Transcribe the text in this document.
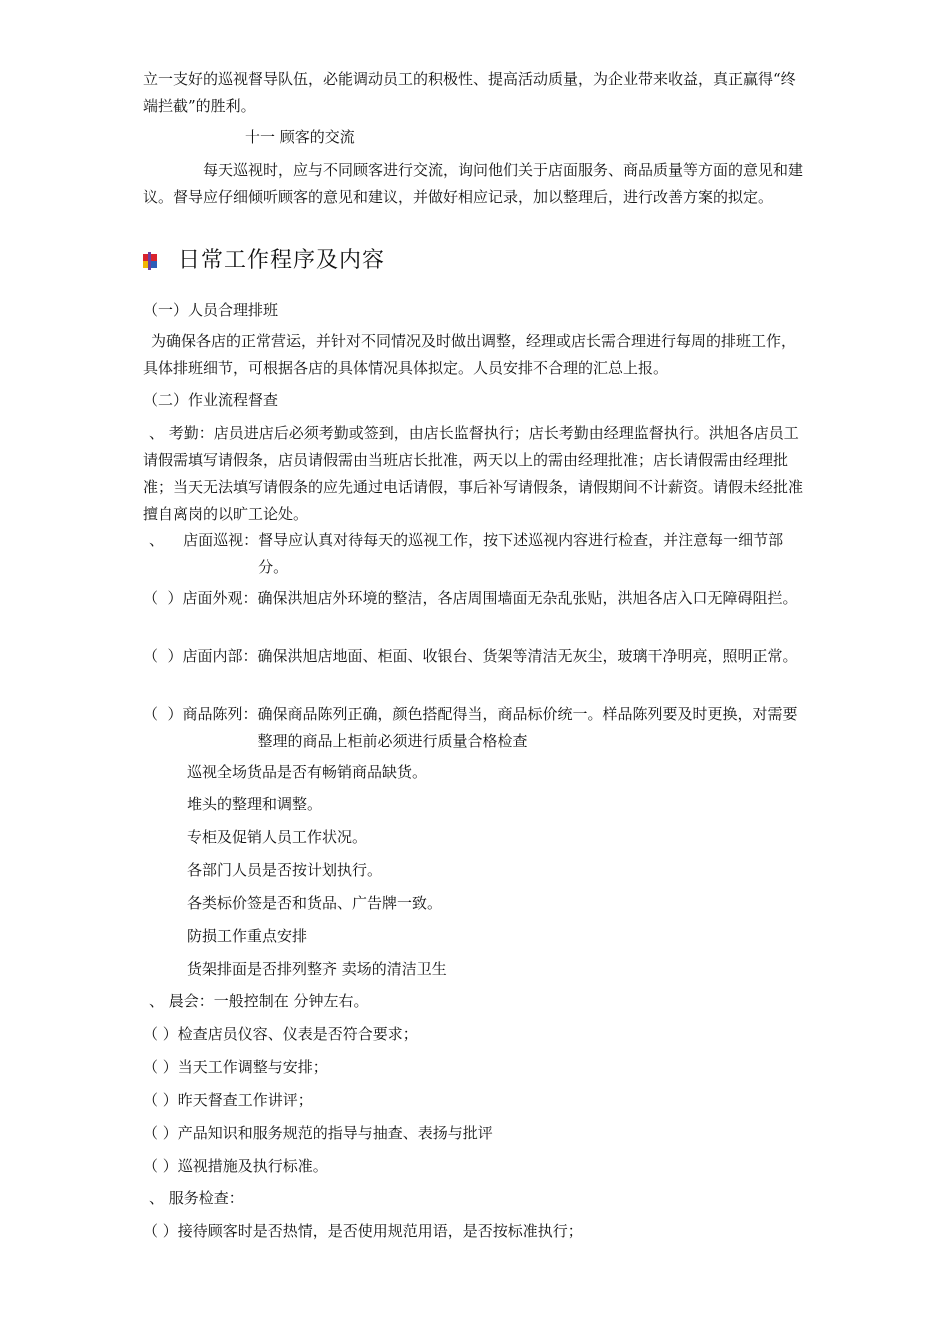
立一支好的巡视督导队伍，必能调动员工的积极性、提高活动质量，为企业带来收益，真正赢得“终端拦截”的胜利。

十一 顾客的交流

每天巡视时，应与不同顾客进行交流，询问他们关于店面服务、商品质量等方面的意见和建议。督导应仔细倾听顾客的意见和建议，并做好相应记录，加以整理后，进行改善方案的拟定。

日常工作程序及内容

（一）人员合理排班

为确保各店的正常营运，并针对不同情况及时做出调整，经理或店长需合理进行每周的排班工作，具体排班细节，可根据各店的具体情况具体拟定。人员安排不合理的汇总上报。

（二）作业流程督查

、 考勤：店员进店后必须考勤或签到，由店长监督执行；店长考勤由经理监督执行。洪旭各店员工请假需填写请假条，店员请假需由当班店长批准，两天以上的需由经理批准；店长请假需由经理批准；当天无法填写请假条的应先通过电话请假，事后补写请假条，请假期间不计薪资。请假未经批准擅自离岗的以旷工论处。

、    店面巡视： 督导应认真对待每天的巡视工作，按下述巡视内容进行检查，并注意每一细节部分。
（  ）店面外观： 确保洪旭店外环境的整洁，各店周围墙面无杂乱张贴，洪旭各店入口无障碍阻拦。
（  ）店面内部： 确保洪旭店地面、柜面、收银台、货架等清洁无灰尘，玻璃干净明亮，照明正常。
（  ）商品陈列： 确保商品陈列正确，颜色搭配得当，商品标价统一。样品陈列要及时更换，对需要整理的商品上柜前必须进行质量合格检查

巡视全场货品是否有畅销商品缺货。

堆头的整理和调整。

专柜及促销人员工作状况。

各部门人员是否按计划执行。

各类标价签是否和货品、广告牌一致。

防损工作重点安排

货架排面是否排列整齐 卖场的清洁卫生

、 晨会：一般控制在 分钟左右。

（ ）检查店员仪容、仪表是否符合要求；

（ ）当天工作调整与安排；

（ ）昨天督查工作讲评；

（ ）产品知识和服务规范的指导与抽查、表扬与批评

（ ）巡视措施及执行标准。

、 服务检查：

（ ）接待顾客时是否热情，是否使用规范用语，是否按标准执行；
